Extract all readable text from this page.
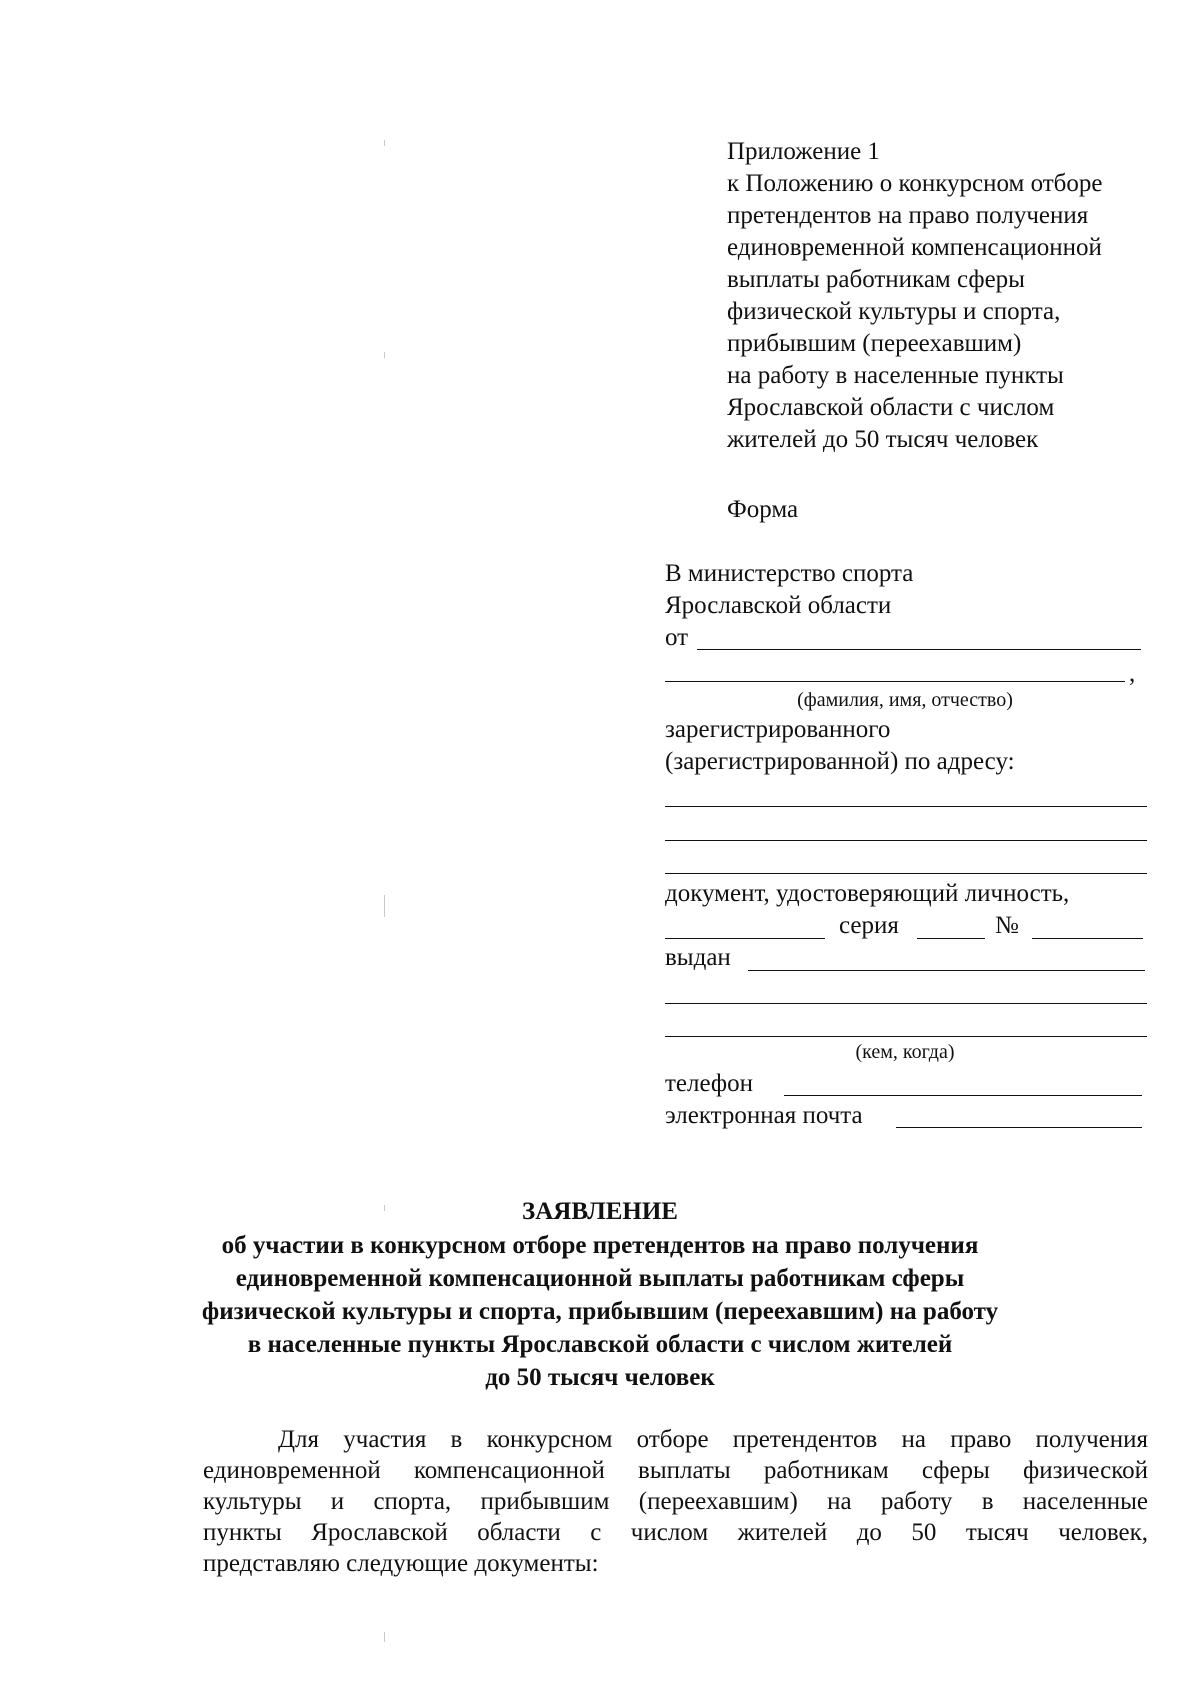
Приложение 1
к Положению о конкурсном отборе
претендентов на право получения
единовременной компенсационной
выплаты работникам сферы
физической культуры и спорта,
прибывшим (переехавшим)
на работу в населенные пункты
Ярославской области с числом
жителей до 50 тысяч человек
Форма
В министерство спорта
Ярославской области
от
,
(фамилия, имя, отчество)
зарегистрированного
(зарегистрированной) по адресу:
документ, удостоверяющий личность,
серия	№
выдан
(кем, когда)
телефон
электронная почта
ЗАЯВЛЕНИЕ
об участии в конкурсном отборе претендентов на право получения
единовременной компенсационной выплаты работникам сферы
физической культуры и спорта, прибывшим (переехавшим) на работу
в населенные пункты Ярославской области с числом жителей
до 50 тысяч человек
Для участия в конкурсном отборе претендентов на право получения
единовременной компенсационной выплаты работникам сферы физической
культуры и спорта, прибывшим (переехавшим) на работу в населенные
пункты Ярославской области с числом жителей до 50 тысяч человек,
представляю следующие документы:
